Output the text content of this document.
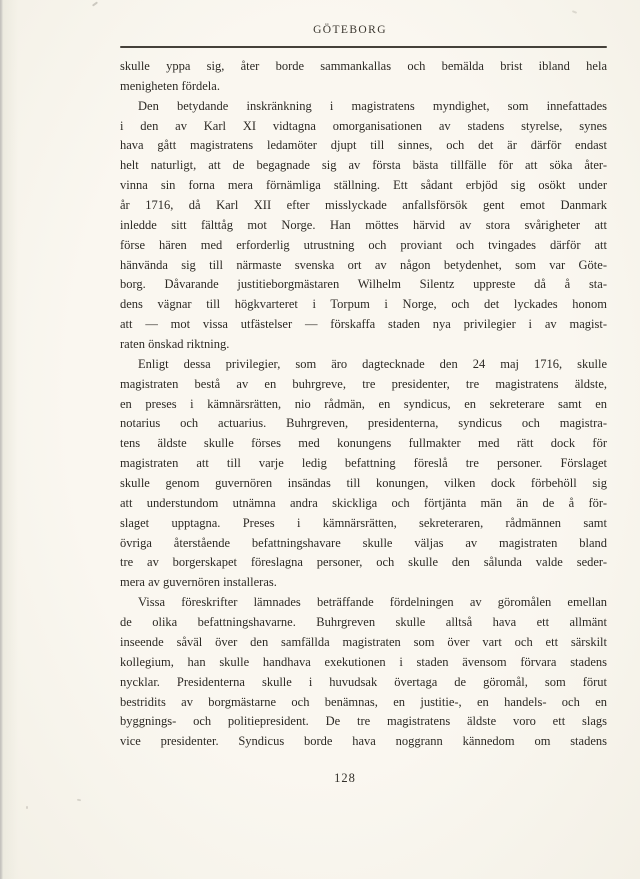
GÖTEBORG
skulle yppa sig, åter borde sammankallas och bemälda brist ibland hela
menigheten fördela.
Den betydande inskränkning i magistratens myndighet, som innefattades
i den av Karl XI vidtagna omorganisationen av stadens styrelse, synes
hava gått magistratens ledamöter djupt till sinnes, och det är därför endast
helt naturligt, att de begagnade sig av första bästa tillfälle för att söka åter-
vinna sin forna mera förnämliga ställning. Ett sådant erbjöd sig osökt under
år 1716, då Karl XII efter misslyckade anfallsförsök gent emot Danmark
inledde sitt fälttåg mot Norge. Han möttes härvid av stora svårigheter att
förse hären med erforderlig utrustning och proviant och tvingades därför att
hänvända sig till närmaste svenska ort av någon betydenhet, som var Göte-
borg. Dåvarande justitieborgmästaren Wilhelm Silentz uppreste då å sta-
dens vägnar till högkvarteret i Torpum i Norge, och det lyckades honom
att — mot vissa utfästelser — förskaffa staden nya privilegier i av magist-
raten önskad riktning.
Enligt dessa privilegier, som äro dagtecknade den 24 maj 1716, skulle
magistraten bestå av en buhrgreve, tre presidenter, tre magistratens äldste,
en preses i kämnärsrätten, nio rådmän, en syndicus, en sekreterare samt en
notarius och actuarius. Buhrgreven, presidenterna, syndicus och magistra-
tens äldste skulle förses med konungens fullmakter med rätt dock för
magistraten att till varje ledig befattning föreslå tre personer. Förslaget
skulle genom guvernören insändas till konungen, vilken dock förbehöll sig
att understundom utnämna andra skickliga och förtjänta män än de å för-
slaget upptagna. Preses i kämnärsrätten, sekreteraren, rådmännen samt
övriga återstående befattningshavare skulle väljas av magistraten bland
tre av borgerskapet föreslagna personer, och skulle den sålunda valde seder-
mera av guvernören installeras.
Vissa föreskrifter lämnades beträffande fördelningen av göromålen emellan
de olika befattningshavarne. Buhrgreven skulle alltså hava ett allmänt
inseende såväl över den samfällda magistraten som över vart och ett särskilt
kollegium, han skulle handhava exekutionen i staden ävensom förvara stadens
nycklar. Presidenterna skulle i huvudsak övertaga de göromål, som förut
bestridits av borgmästarne och benämnas, en justitie-, en handels- och en
byggnings- och politiepresident. De tre magistratens äldste voro ett slags
vice presidenter. Syndicus borde hava noggrann kännedom om stadens
128
